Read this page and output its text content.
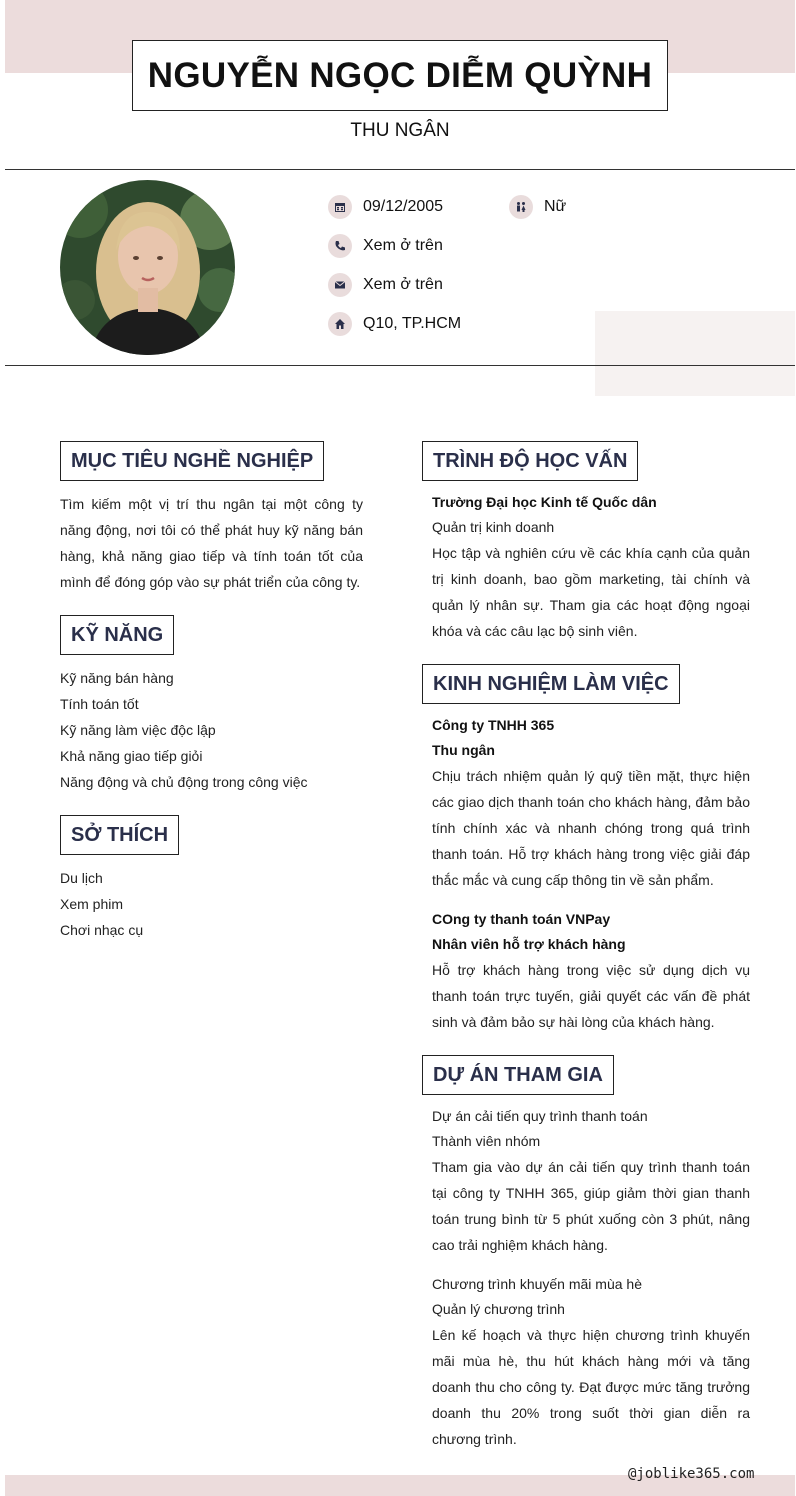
NGUYỄN NGỌC DIỄM QUỲNH
THU NGÂN
09/12/2005	Nữ
Xem ở trên
Xem ở trên
Q10, TP.HCM
MỤC TIÊU NGHỀ NGHIỆP

Tìm kiếm một vị trí thu ngân tại một công ty năng động, nơi tôi có thể phát huy kỹ năng bán hàng, khả năng giao tiếp và tính toán tốt của mình để đóng góp vào sự phát triển của công ty.

KỸ NĂNG
Kỹ năng bán hàng
Tính toán tốt
Kỹ năng làm việc độc lập
Khả năng giao tiếp giỏi
Năng động và chủ động trong công việc
SỞ THÍCH
Du lịch
Xem phim
Chơi nhạc cụ
TRÌNH ĐỘ HỌC VẤN
Trường Đại học Kinh tế Quốc dân
Quản trị kinh doanh

Học tập và nghiên cứu về các khía cạnh của quản trị kinh doanh, bao gồm marketing, tài chính và quản lý nhân sự. Tham gia các hoạt động ngoại khóa và các câu lạc bộ sinh viên.

KINH NGHIỆM LÀM VIỆC
Công ty TNHH 365
Thu ngân

Chịu trách nhiệm quản lý quỹ tiền mặt, thực hiện các giao dịch thanh toán cho khách hàng, đảm bảo tính chính xác và nhanh chóng trong quá trình thanh toán. Hỗ trợ khách hàng trong việc giải đáp thắc mắc và cung cấp thông tin về sản phẩm.

COng ty thanh toán VNPay
Nhân viên hỗ trợ khách hàng

Hỗ trợ khách hàng trong việc sử dụng dịch vụ thanh toán trực tuyến, giải quyết các vấn đề phát sinh và đảm bảo sự hài lòng của khách hàng.

DỰ ÁN THAM GIA
Dự án cải tiến quy trình thanh toán
Thành viên nhóm

Tham gia vào dự án cải tiến quy trình thanh toán tại công ty TNHH 365, giúp giảm thời gian thanh toán trung bình từ 5 phút xuống còn 3 phút, nâng cao trải nghiệm khách hàng.

Chương trình khuyến mãi mùa hè
Quản lý chương trình

Lên kế hoạch và thực hiện chương trình khuyến mãi mùa hè, thu hút khách hàng mới và tăng doanh thu cho công ty. Đạt được mức tăng trưởng doanh thu 20% trong suốt thời gian diễn ra chương trình.

@joblike365.com
